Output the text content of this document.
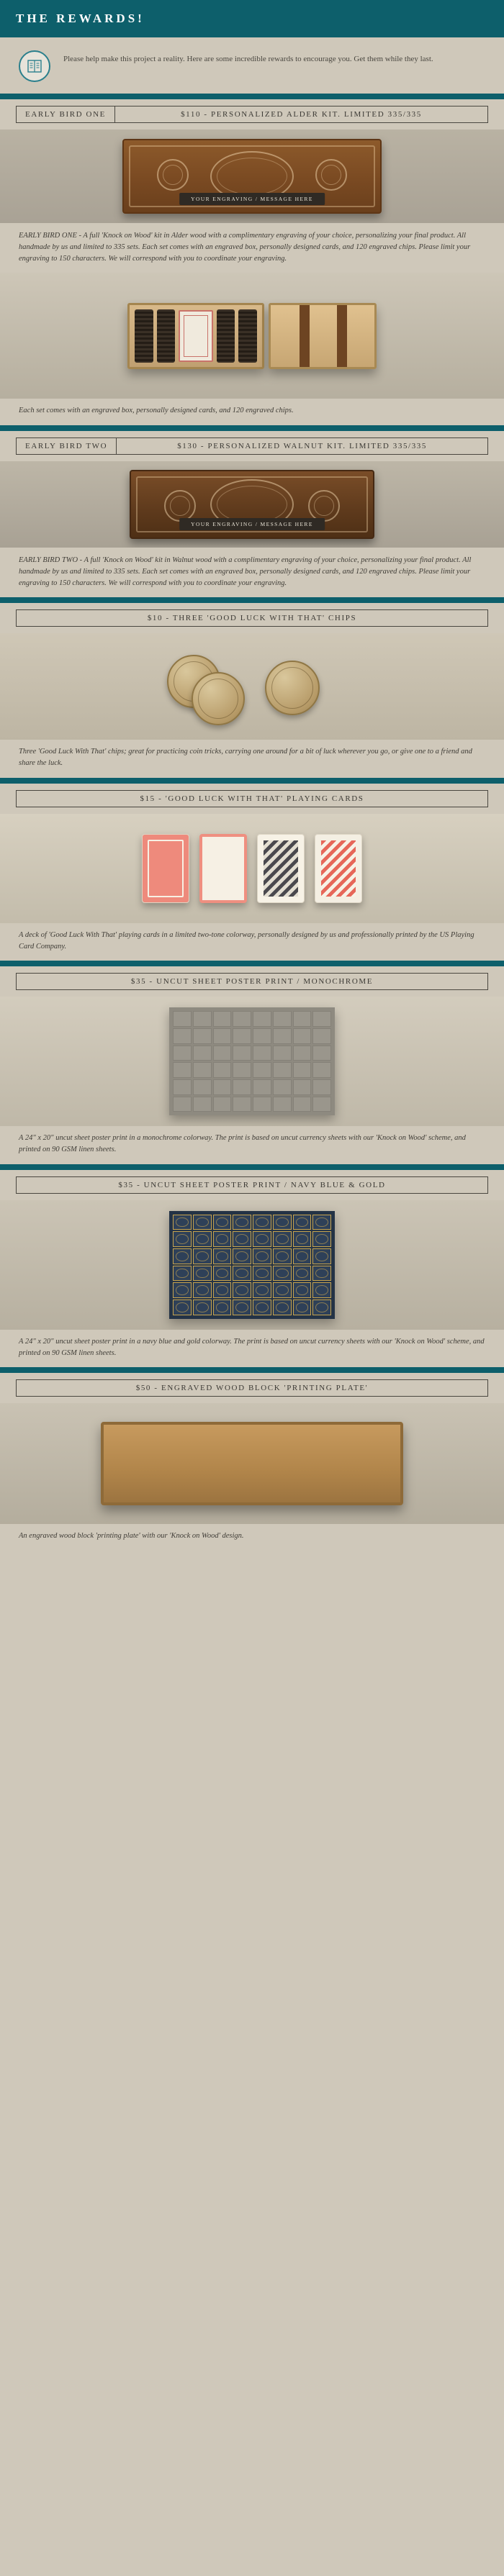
THE REWARDS!
Please help make this project a reality. Here are some incredible rewards to encourage you. Get them while they last.
EARLY BIRD ONE	$110 - PERSONALIZED ALDER KIT. LIMITED 335/335
YOUR ENGRAVING / MESSAGE HERE
EARLY BIRD ONE - A full 'Knock on Wood' kit in Alder wood with a complimentary engraving of your choice, personalizing your final product. All handmade by us and limited to 335 sets. Each set comes with an engraved box, personally designed cards, and 120 engraved chips. Please limit your engraving to 150 characters. We will correspond with you to coordinate your engraving.
Each set comes with an engraved box, personally designed cards, and 120 engraved chips.
EARLY BIRD TWO	$130 - PERSONALIZED WALNUT KIT. LIMITED 335/335
YOUR ENGRAVING / MESSAGE HERE
EARLY BIRD TWO - A full 'Knock on Wood' kit in Walnut wood with a complimentary engraving of your choice, personalizing your final product. All handmade by us and limited to 335 sets. Each set comes with an engraved box, personally designed cards, and 120 engraved chips. Please limit your engraving to 150 characters. We will correspond with you to coordinate your engraving.
$10 - THREE 'GOOD LUCK WITH THAT' CHIPS
Three 'Good Luck With That' chips; great for practicing coin tricks, carrying one around for a bit of luck wherever you go, or give one to a friend and share the luck.
$15 - 'GOOD LUCK WITH THAT' PLAYING CARDS
A deck of 'Good Luck With That' playing cards in a limited two-tone colorway, personally designed by us and professionally printed by the US Playing Card Company.
$35 - UNCUT SHEET POSTER PRINT / MONOCHROME
A 24" x 20" uncut sheet poster print in a monochrome colorway. The print is based on uncut currency sheets with our 'Knock on Wood' scheme, and printed on 90 GSM linen sheets.
$35 - UNCUT SHEET POSTER PRINT / NAVY BLUE & GOLD
A 24" x 20" uncut sheet poster print in a navy blue and gold colorway. The print is based on uncut currency sheets with our 'Knock on Wood' scheme, and printed on 90 GSM linen sheets.
$50 - ENGRAVED WOOD BLOCK 'PRINTING PLATE'
An engraved wood block 'printing plate' with our 'Knock on Wood' design.
